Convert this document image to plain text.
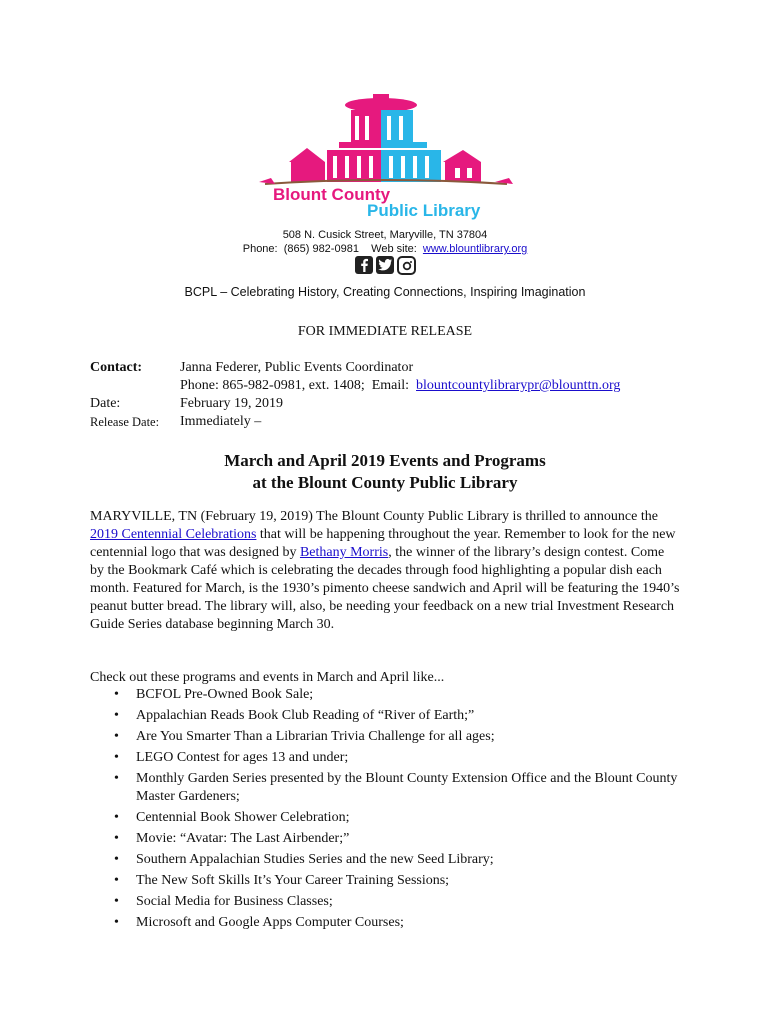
Blount County
Public Library
508 N. Cusick Street, Maryville, TN 37804
Phone:  (865) 982-0981    Web site:  www.blountlibrary.org
BCPL – Celebrating History, Creating Connections, Inspiring Imagination
FOR IMMEDIATE RELEASE
Contact:	Janna Federer, Public Events Coordinator
Phone: 865-982-0981, ext. 1408;  Email:  blountcountylibrarypr@blounttn.org
Date:	February 19, 2019
Release Date:	Immediately –
March and April 2019 Events and Programs
at the Blount County Public Library
MARYVILLE, TN (February 19, 2019) The Blount County Public Library is thrilled to announce the 2019 Centennial Celebrations that will be happening throughout the year. Remember to look for the new centennial logo that was designed by Bethany Morris, the winner of the library’s design contest. Come by the Bookmark Café which is celebrating the decades through food highlighting a popular dish each month. Featured for March, is the 1930’s pimento cheese sandwich and April will be featuring the 1940’s peanut butter bread. The library will, also, be needing your feedback on a new trial Investment Research Guide Series database beginning March 30.
Check out these programs and events in March and April like...
• BCFOL Pre-Owned Book Sale;
• Appalachian Reads Book Club Reading of “River of Earth;”
• Are You Smarter Than a Librarian Trivia Challenge for all ages;
• LEGO Contest for ages 13 and under;
• Monthly Garden Series presented by the Blount County Extension Office and the Blount County Master Gardeners;
• Centennial Book Shower Celebration;
• Movie: “Avatar: The Last Airbender;”
• Southern Appalachian Studies Series and the new Seed Library;
• The New Soft Skills It’s Your Career Training Sessions;
• Social Media for Business Classes;
• Microsoft and Google Apps Computer Courses;
